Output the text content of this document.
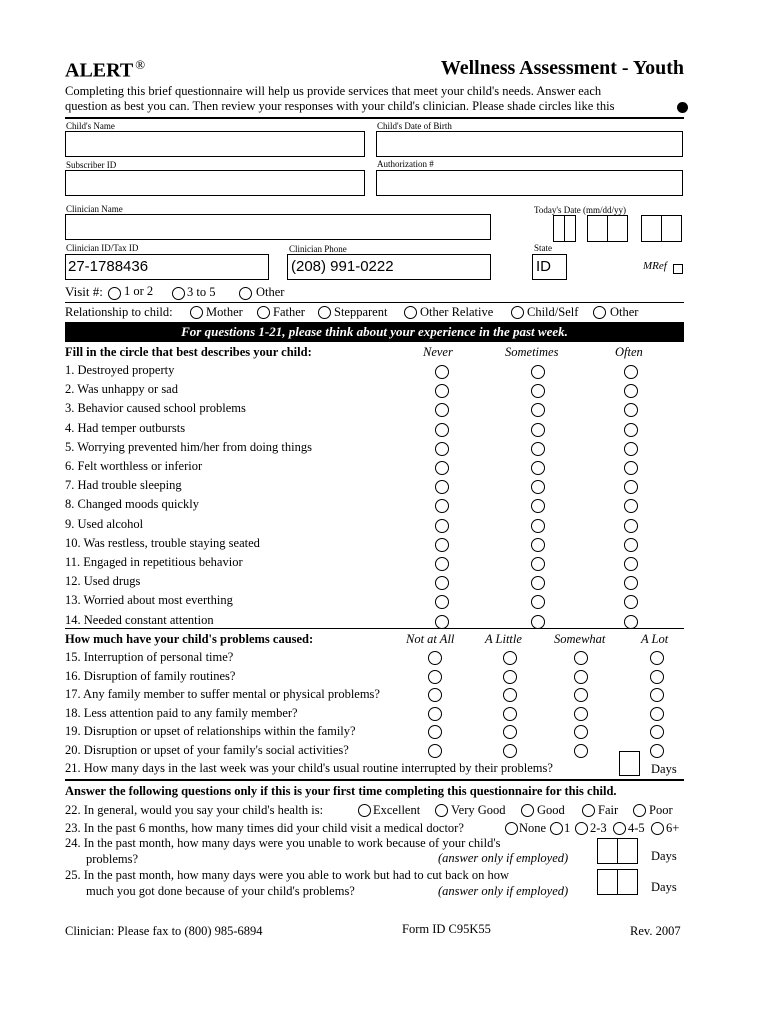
ALERT ®	Wellness Assessment - Youth
Completing this brief questionnaire will help us provide services that meet your child's needs. Answer each
question as best you can. Then review your responses with your child's clinician. Please shade circles like this
Child's Name	Child's Date of Birth
Subscriber ID	Authorization #
Clinician Name	Today's Date (mm/dd/yy)
Clinician ID/Tax ID
27-1788436
Clinician Phone
(208) 991-0222
State
ID	MRef
Visit #: 1 or 2	3 to 5	Other
Relationship to child:	Mother Father Stepparent	Other Relative	Child/Self	Other
For questions 1-21, please think about your experience in the past week.
Fill in the circle that best describes your child:	Never	Sometimes	Often
1. Destroyed property
2. Was unhappy or sad
3. Behavior caused school problems
4. Had temper outbursts
5. Worrying prevented him/her from doing things
6. Felt worthless or inferior
7. Had trouble sleeping
8. Changed moods quickly
9. Used alcohol
10. Was restless, trouble staying seated
11. Engaged in repetitious behavior
12. Used drugs
13. Worried about most everthing
14. Needed constant attention
How much have your child's problems caused:	Not at All A Little	Somewhat	A Lot
15. Interruption of personal time?
16. Disruption of family routines?
17. Any family member to suffer mental or physical problems?
18. Less attention paid to any family member?
19. Disruption or upset of relationships within the family?
20. Disruption or upset of your family's social activities?
21. How many days in the last week was your child's usual routine interrupted by their problems?	Days
Answer the following questions only if this is your first time completing this questionnaire for this child.
22. In general, would you say your child's health is:	Excellent Very Good	Good	Fair Poor
23. In the past 6 months, how many times did your child visit a medical doctor?	None 1 2-3 4-5 6+
24. In the past month, how many days were you unable to work because of your child's
problems?	(answer only if employed)	Days
25. In the past month, how many days were you able to work but had to cut back on how
much you got done because of your child's problems?	(answer only if employed)	Days
Clinician: Please fax to (800) 985-6894	Form ID C95K55	Rev. 2007
